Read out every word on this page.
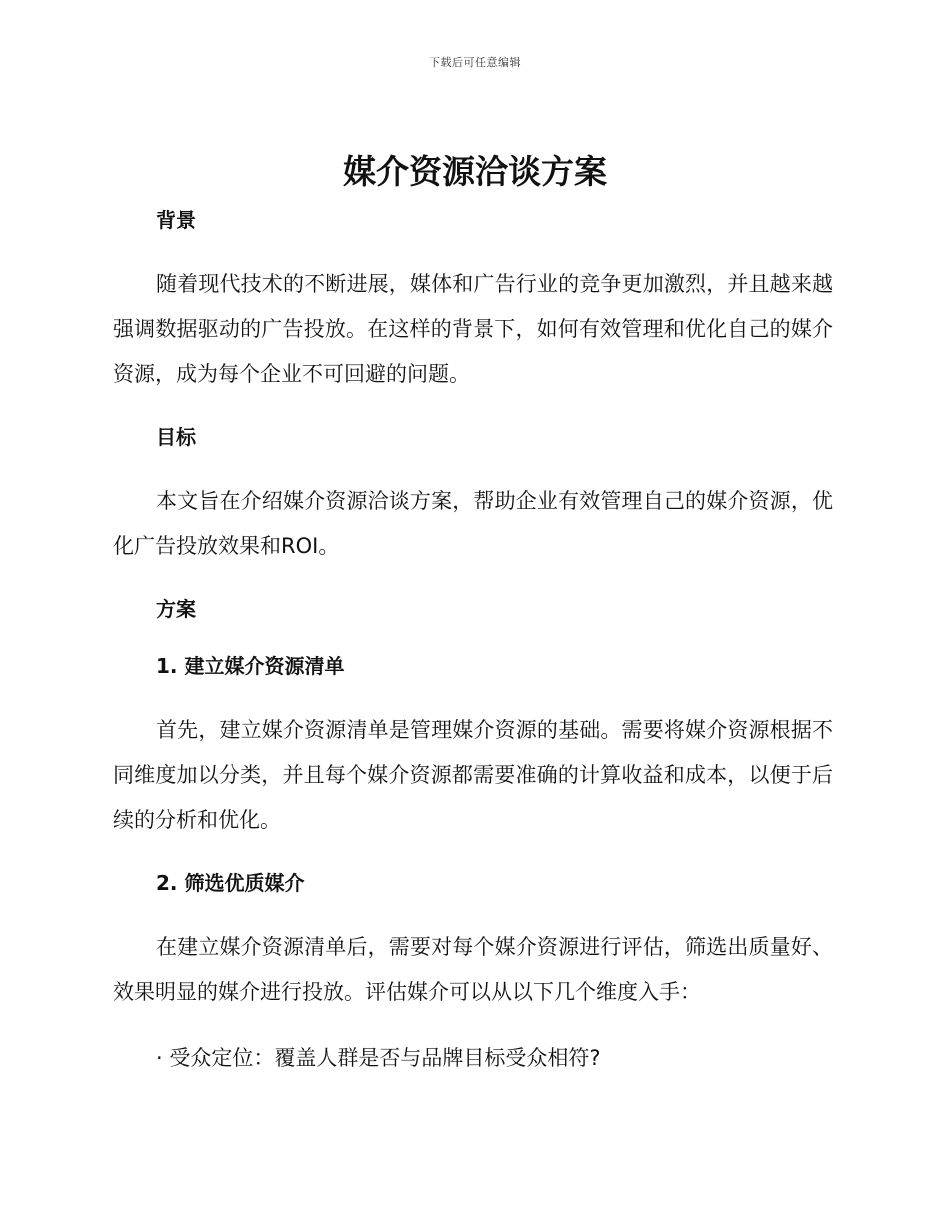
下载后可任意编辑
媒介资源洽谈方案

背景

随着现代技术的不断进展，媒体和广告行业的竞争更加激烈，并且越来越强调数据驱动的广告投放。在这样的背景下，如何有效管理和优化自己的媒介资源，成为每个企业不可回避的问题。

目标

本文旨在介绍媒介资源洽谈方案，帮助企业有效管理自己的媒介资源，优化广告投放效果和ROI。

方案

1. 建立媒介资源清单

首先，建立媒介资源清单是管理媒介资源的基础。需要将媒介资源根据不同维度加以分类，并且每个媒介资源都需要准确的计算收益和成本，以便于后续的分析和优化。

2. 筛选优质媒介

在建立媒介资源清单后，需要对每个媒介资源进行评估，筛选出质量好、效果明显的媒介进行投放。评估媒介可以从以下几个维度入手：

· 受众定位：覆盖人群是否与品牌目标受众相符?
